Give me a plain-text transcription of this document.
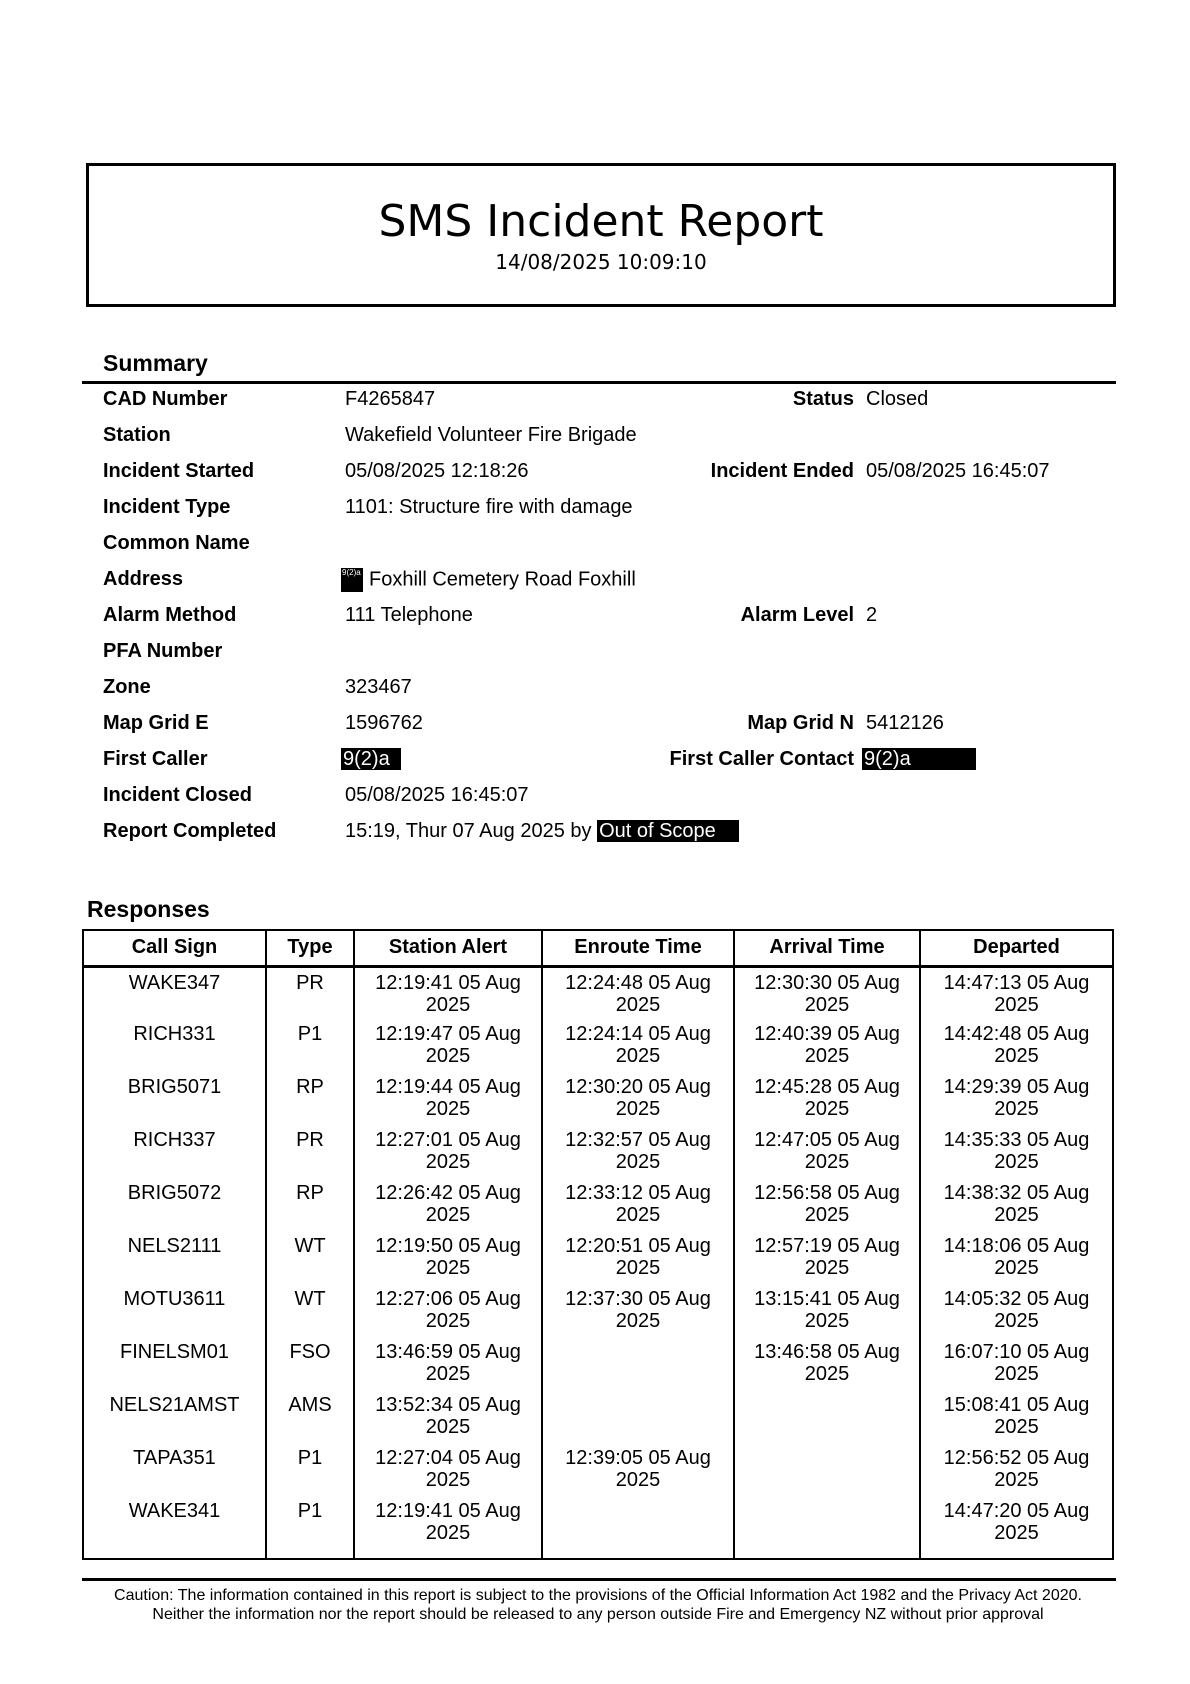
SMS Incident Report
14/08/2025 10:09:10
Summary
CAD Number	F4265847	Status Closed
Station	Wakefield Volunteer Fire Brigade
Incident Started	05/08/2025 12:18:26	Incident Ended 05/08/2025 16:45:07
Incident Type	1101: Structure fire with damage
Common Name
Address	9(2)a Foxhill Cemetery Road Foxhill
Alarm Method	111 Telephone	Alarm Level 2
PFA Number
Zone	323467
Map Grid E	1596762	Map Grid N 5412126
First Caller	9(2)a	First Caller Contact 9(2)a
Incident Closed	05/08/2025 16:45:07
Report Completed	15:19, Thur 07 Aug 2025 by Out of Scope
Responses
Call Sign	Type	Station Alert	Enroute Time	Arrival Time	Departed
WAKE347	PR	12:19:41 05 Aug 2025	12:24:48 05 Aug 2025	12:30:30 05 Aug 2025	14:47:13 05 Aug 2025
RICH331	P1	12:19:47 05 Aug 2025	12:24:14 05 Aug 2025	12:40:39 05 Aug 2025	14:42:48 05 Aug 2025
BRIG5071	RP	12:19:44 05 Aug 2025	12:30:20 05 Aug 2025	12:45:28 05 Aug 2025	14:29:39 05 Aug 2025
RICH337	PR	12:27:01 05 Aug 2025	12:32:57 05 Aug 2025	12:47:05 05 Aug 2025	14:35:33 05 Aug 2025
BRIG5072	RP	12:26:42 05 Aug 2025	12:33:12 05 Aug 2025	12:56:58 05 Aug 2025	14:38:32 05 Aug 2025
NELS2111	WT	12:19:50 05 Aug 2025	12:20:51 05 Aug 2025	12:57:19 05 Aug 2025	14:18:06 05 Aug 2025
MOTU3611	WT	12:27:06 05 Aug 2025	12:37:30 05 Aug 2025	13:15:41 05 Aug 2025	14:05:32 05 Aug 2025
FINELSM01	FSO	13:46:59 05 Aug 2025		13:46:58 05 Aug 2025	16:07:10 05 Aug 2025
NELS21AMST	AMS	13:52:34 05 Aug 2025			15:08:41 05 Aug 2025
TAPA351	P1	12:27:04 05 Aug 2025	12:39:05 05 Aug 2025		12:56:52 05 Aug 2025
WAKE341	P1	12:19:41 05 Aug 2025			14:47:20 05 Aug 2025
Caution: The information contained in this report is subject to the provisions of the Official Information Act 1982 and the Privacy Act 2020.
Neither the information nor the report should be released to any person outside Fire and Emergency NZ without prior approval
